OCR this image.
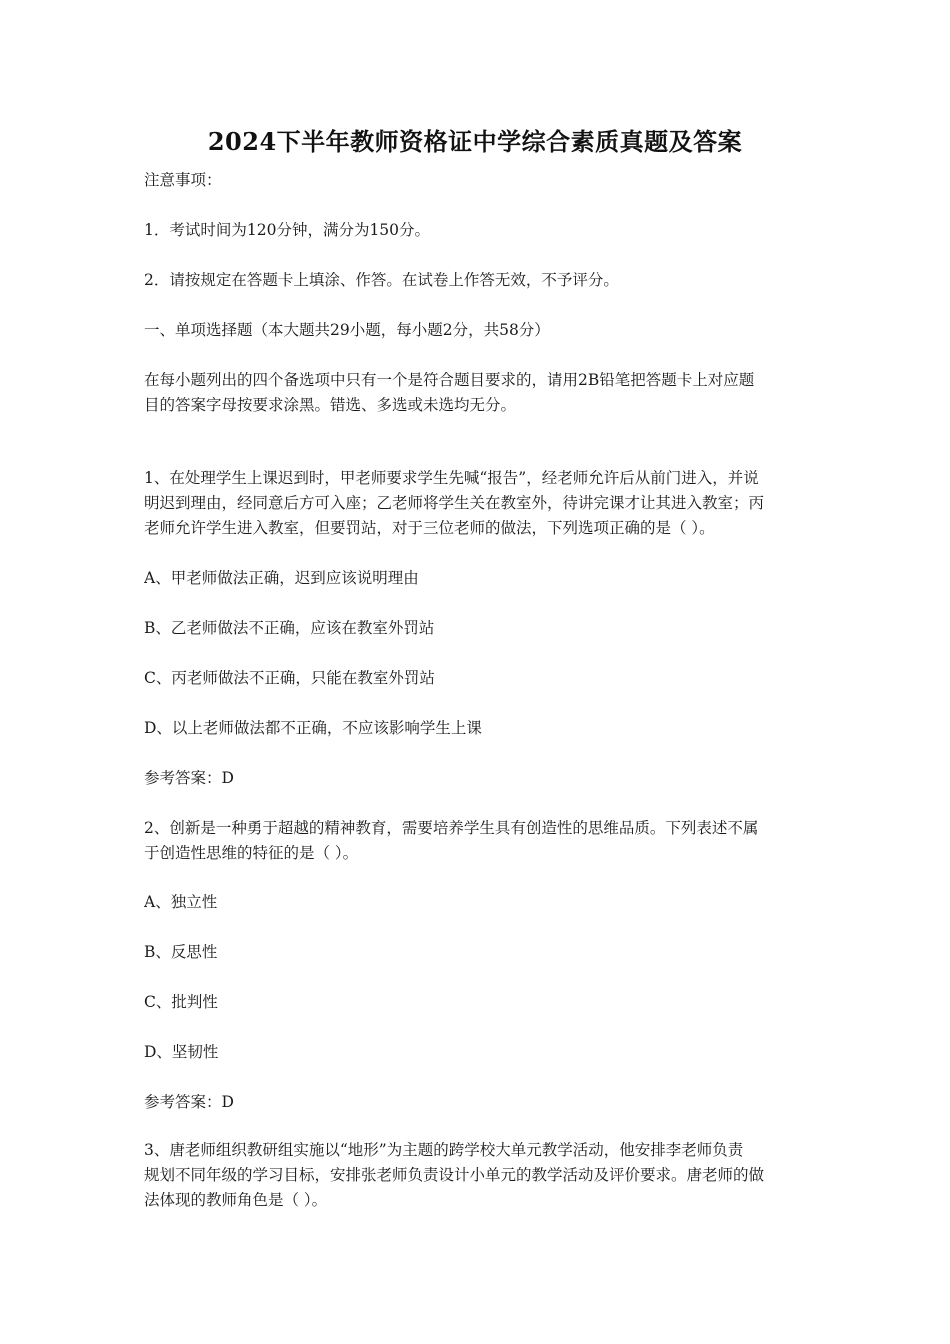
2024下半年教师资格证中学综合素质真题及答案
注意事项：
1．考试时间为120分钟，满分为150分。
2．请按规定在答题卡上填涂、作答。在试卷上作答无效，不予评分。
一、单项选择题（本大题共29小题，每小题2分，共58分）
在每小题列出的四个备选项中只有一个是符合题目要求的，请用2B铅笔把答题卡上对应题
目的答案字母按要求涂黑。错选、多选或未选均无分。
1、在处理学生上课迟到时，甲老师要求学生先喊“报告”，经老师允许后从前门进入，并说
明迟到理由，经同意后方可入座；乙老师将学生关在教室外，待讲完课才让其进入教室；丙
老师允许学生进入教室，但要罚站，对于三位老师的做法，下列选项正确的是（ ）。
A、甲老师做法正确，迟到应该说明理由
B、乙老师做法不正确，应该在教室外罚站
C、丙老师做法不正确，只能在教室外罚站
D、以上老师做法都不正确，不应该影响学生上课
参考答案：D
2、创新是一种勇于超越的精神教育，需要培养学生具有创造性的思维品质。下列表述不属
于创造性思维的特征的是（ ）。
A、独立性
B、反思性
C、批判性
D、坚韧性
参考答案：D
3、唐老师组织教研组实施以“地形”为主题的跨学校大单元教学活动，他安排李老师负责
规划不同年级的学习目标，安排张老师负责设计小单元的教学活动及评价要求。唐老师的做
法体现的教师角色是（ ）。
